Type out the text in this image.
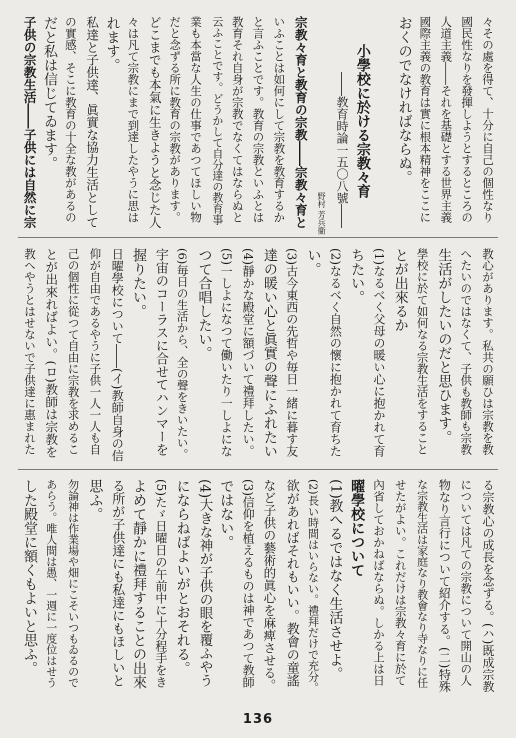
々その處を得て、十分に自己の個性なり
國民性なりを發揮しようとするところの
人道主義――それを基礎とする世界主義
國際主義の教育は實に根本精神をここに
おくのでなければならぬ。
小學校に於ける宗教々育
――教育時論一五〇八號――
野村 芳兵衞
宗教々育と教育の宗教――宗教々育と
いふことは如何にして宗教を教育するか
と言ふことです。教育の宗教といふとは
教育それ自身が宗教でなくてはならぬと
云ふことです。どうかして自分達の教育事
業も本當な人生の仕事であつてほしい物
だと念ずる所に教育の宗教があります。
どこまでも本氣に生きようと念じた人
々は凡て宗教にまで到達したやうに思は
れます。
私達と子供達、眞實な協力生活として
の實感、そこに教育の十全な教があるの
だと私は信じてゐます。
子供の宗教生活――子供には自然に宗
教心があります。私共の願ひは宗教を教
へたいのではなくて、子供も教師も宗教
生活がしたいのだと思ひます。
學校に於て如何なる宗教生活をすること
とが出來るか
(1)なるべく父母の暖い心に抱かれて育
ちたい。
(2)なるべく自然の懷に抱かれて育ちた
い。
(3)古今東西の先哲や毎日一緒に暮す友
達の暖い心と眞實の聲にふれたい
(4)靜かな殿堂に額づいて禮拜したい。
(5)一しよになつて働いたり一しよにな
つて合唱したい。
(6)毎日の生活から、全の聲をきいたい。
宇宙のコーラスに合せてハンマーを
握りたい。
日曜學校について――(イ)教師自身の信
仰が自由であるやうに子供一人一人も自
己の個性に從つて自由に宗教を求めるこ
とが出來ればよい。(ロ)教師は宗教を
教へやうとはせないで子供達に惠まれた
る宗教心の成長を念ずる。(ハ)既成宗教
については凡ての宗教について開山の人
物なり言行について紹介する。(二)特殊
な宗教生活は家庭なり教會なり寺なりに任
せたがよい。これだけは宗教々育に於て
內省しておかねばならぬ。しかる上は日
曜學校について
(1)教へるではなく生活させよ。
(2)長い時間はいらない。禮拜だけで充分。
欲があればそれもいい。教會の童謠
など子供の藝術的眞心を麻痺させる。
(3)信仰を植えるものは神であつて教師
ではない。
(4)大きな神が子供の眼を覆ふやう
にならねばよいがとおそれる。
(5)たゞ日曜日の午前中に十分程手をき
よめて靜かに禮拜することの出來
る所が子供達にも私達にもほしいと
思ふ。
勿論神は作業場や畑にこそいつもゐるので
あらう。唯人間は愚、一週に一度位はせう
した殿堂に額くもよいと思ふ。
136
